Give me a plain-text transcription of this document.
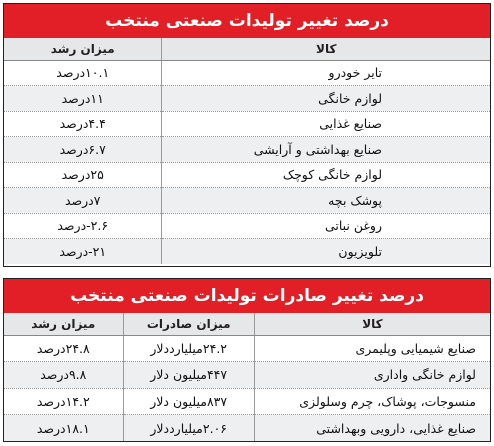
درصد تغییر تولیدات صنعتی منتخب
کالا	میزان رشد
تایر خودرو	۱۰.۱درصد
لوازم خانگی	۱۱درصد
صنایع غذایی	۴.۴درصد
صنایع بهداشتی و آرایشی	۶.۷درصد
لوازم خانگی کوچک	۲۵درصد
پوشک بچه	۷درصد
روغن نباتی	۲.۶-درصد
تلویزیون	۲۱-درصد
درصد تغییر صادرات تولیدات صنعتی منتخب
کالا	میزان صادرات	میزان رشد
صنایع شیمیایی وپلیمری	۲۴.۲میلیارددلار	۲۴.۸درصد
لوازم خانگی واداری	۴۴۷میلیون دلار	۹.۸درصد
منسوجات، پوشاک، چرم وسلولزی	۸۳۷میلیون دلار	۱۴.۲درصد
صنایع غذایی، دارویی وبهداشتی	۲.۰۶میلیارددلار	۱۸.۱درصد
